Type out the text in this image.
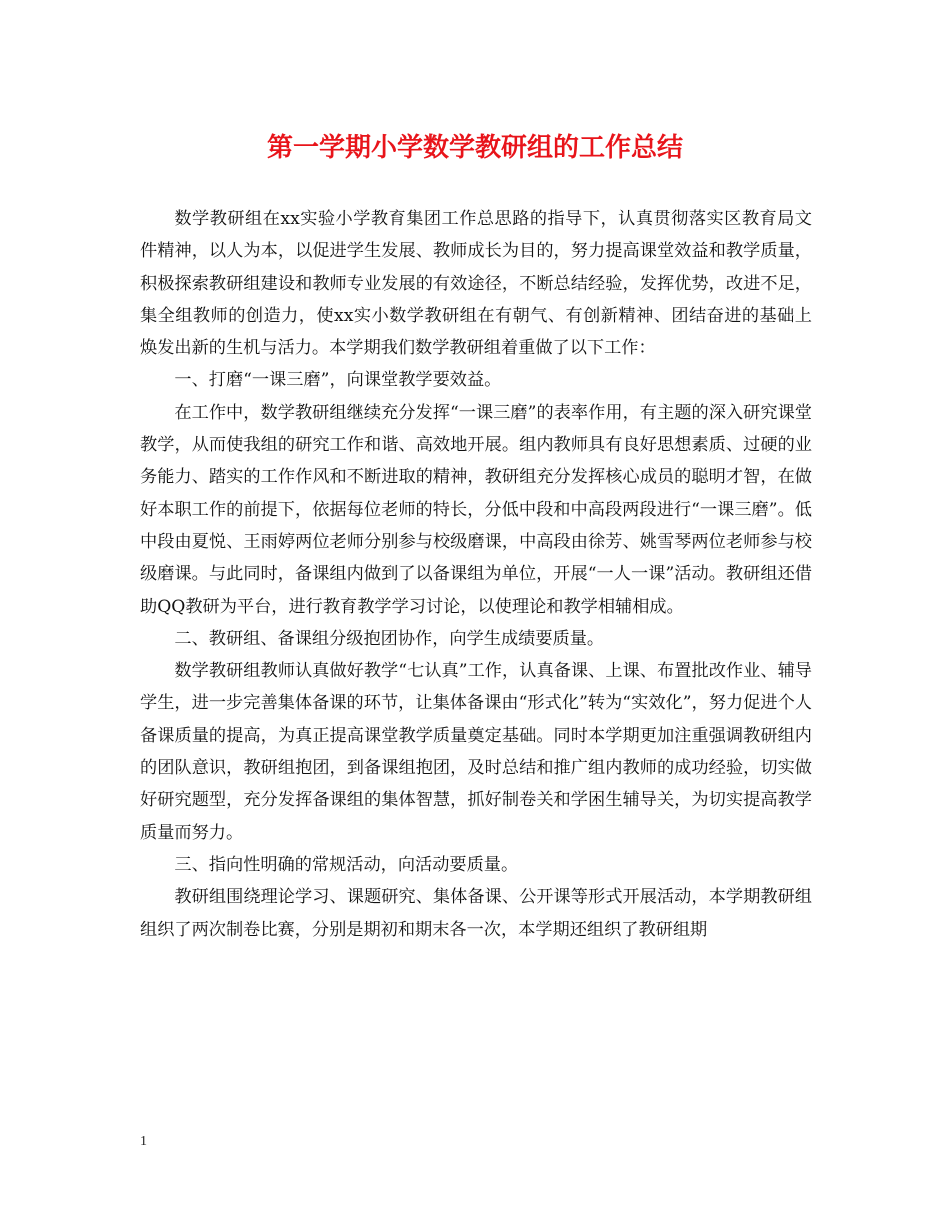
第一学期小学数学教研组的工作总结

数学教研组在xx实验小学教育集团工作总思路的指导下，认真贯彻落实区教育局文件精神，以人为本，以促进学生发展、教师成长为目的，努力提高课堂效益和教学质量，积极探索教研组建设和教师专业发展的有效途径，不断总结经验，发挥优势，改进不足，集全组教师的创造力，使xx实小数学教研组在有朝气、有创新精神、团结奋进的基础上焕发出新的生机与活力。本学期我们数学教研组着重做了以下工作：

一、打磨“一课三磨”，向课堂教学要效益。

在工作中，数学教研组继续充分发挥“一课三磨”的表率作用，有主题的深入研究课堂教学，从而使我组的研究工作和谐、高效地开展。组内教师具有良好思想素质、过硬的业务能力、踏实的工作作风和不断进取的精神，教研组充分发挥核心成员的聪明才智，在做好本职工作的前提下，依据每位老师的特长，分低中段和中高段两段进行“一课三磨”。低中段由夏悦、王雨婷两位老师分别参与校级磨课，中高段由徐芳、姚雪琴两位老师参与校级磨课。与此同时，备课组内做到了以备课组为单位，开展“一人一课”活动。教研组还借助QQ教研为平台，进行教育教学学习讨论，以使理论和教学相辅相成。

二、教研组、备课组分级抱团协作，向学生成绩要质量。

数学教研组教师认真做好教学“七认真”工作，认真备课、上课、布置批改作业、辅导学生，进一步完善集体备课的环节，让集体备课由“形式化”转为“实效化”，努力促进个人备课质量的提高，为真正提高课堂教学质量奠定基础。同时本学期更加注重强调教研组内的团队意识，教研组抱团，到备课组抱团，及时总结和推广组内教师的成功经验，切实做好研究题型，充分发挥备课组的集体智慧，抓好制卷关和学困生辅导关，为切实提高教学质量而努力。

三、指向性明确的常规活动，向活动要质量。

教研组围绕理论学习、课题研究、集体备课、公开课等形式开展活动，本学期教研组组织了两次制卷比赛，分别是期初和期末各一次，本学期还组织了教研组期

1
